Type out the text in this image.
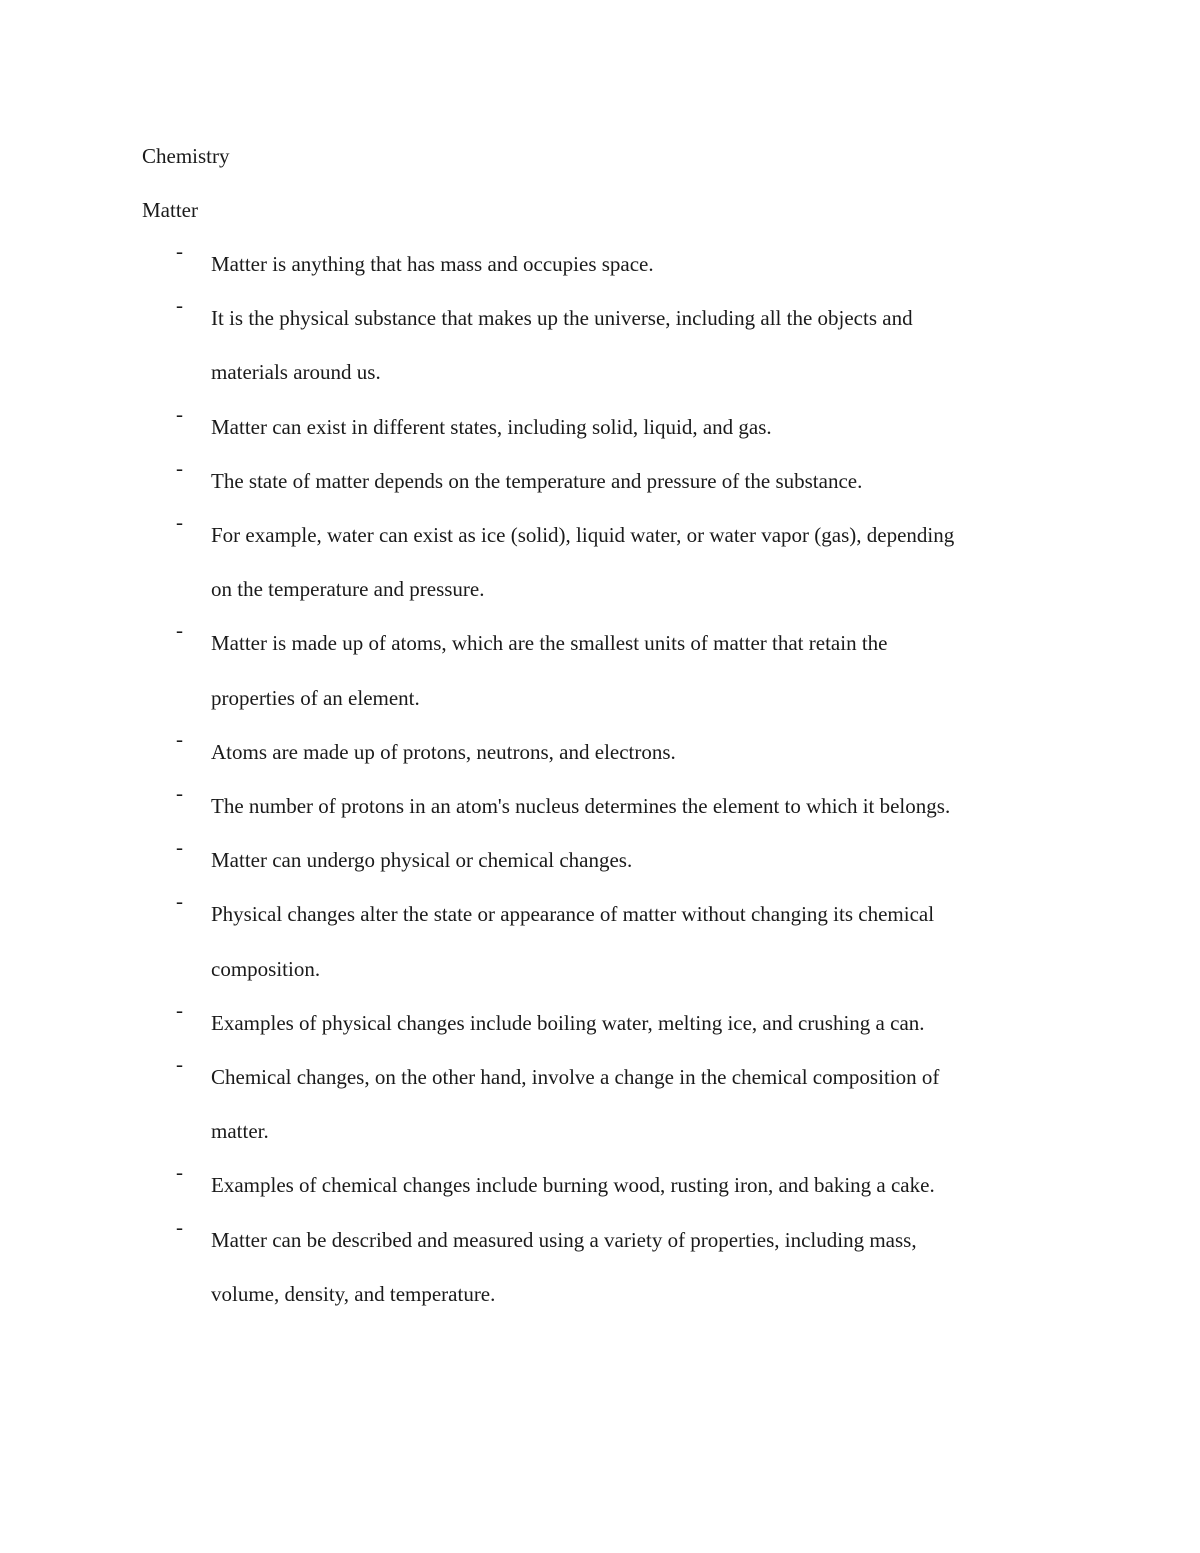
Chemistry

Matter

-
Matter is anything that has mass and occupies space.
-
It is the physical substance that makes up the universe, including all the objects and
materials around us.
-
Matter can exist in different states, including solid, liquid, and gas.
-
The state of matter depends on the temperature and pressure of the substance.
-
For example, water can exist as ice (solid), liquid water, or water vapor (gas), depending
on the temperature and pressure.
-
Matter is made up of atoms, which are the smallest units of matter that retain the
properties of an element.
-
Atoms are made up of protons, neutrons, and electrons.
-
The number of protons in an atom's nucleus determines the element to which it belongs.
-
Matter can undergo physical or chemical changes.
-
Physical changes alter the state or appearance of matter without changing its chemical
composition.
-
Examples of physical changes include boiling water, melting ice, and crushing a can.
-
Chemical changes, on the other hand, involve a change in the chemical composition of
matter.
-
Examples of chemical changes include burning wood, rusting iron, and baking a cake.
-
Matter can be described and measured using a variety of properties, including mass,
volume, density, and temperature.
